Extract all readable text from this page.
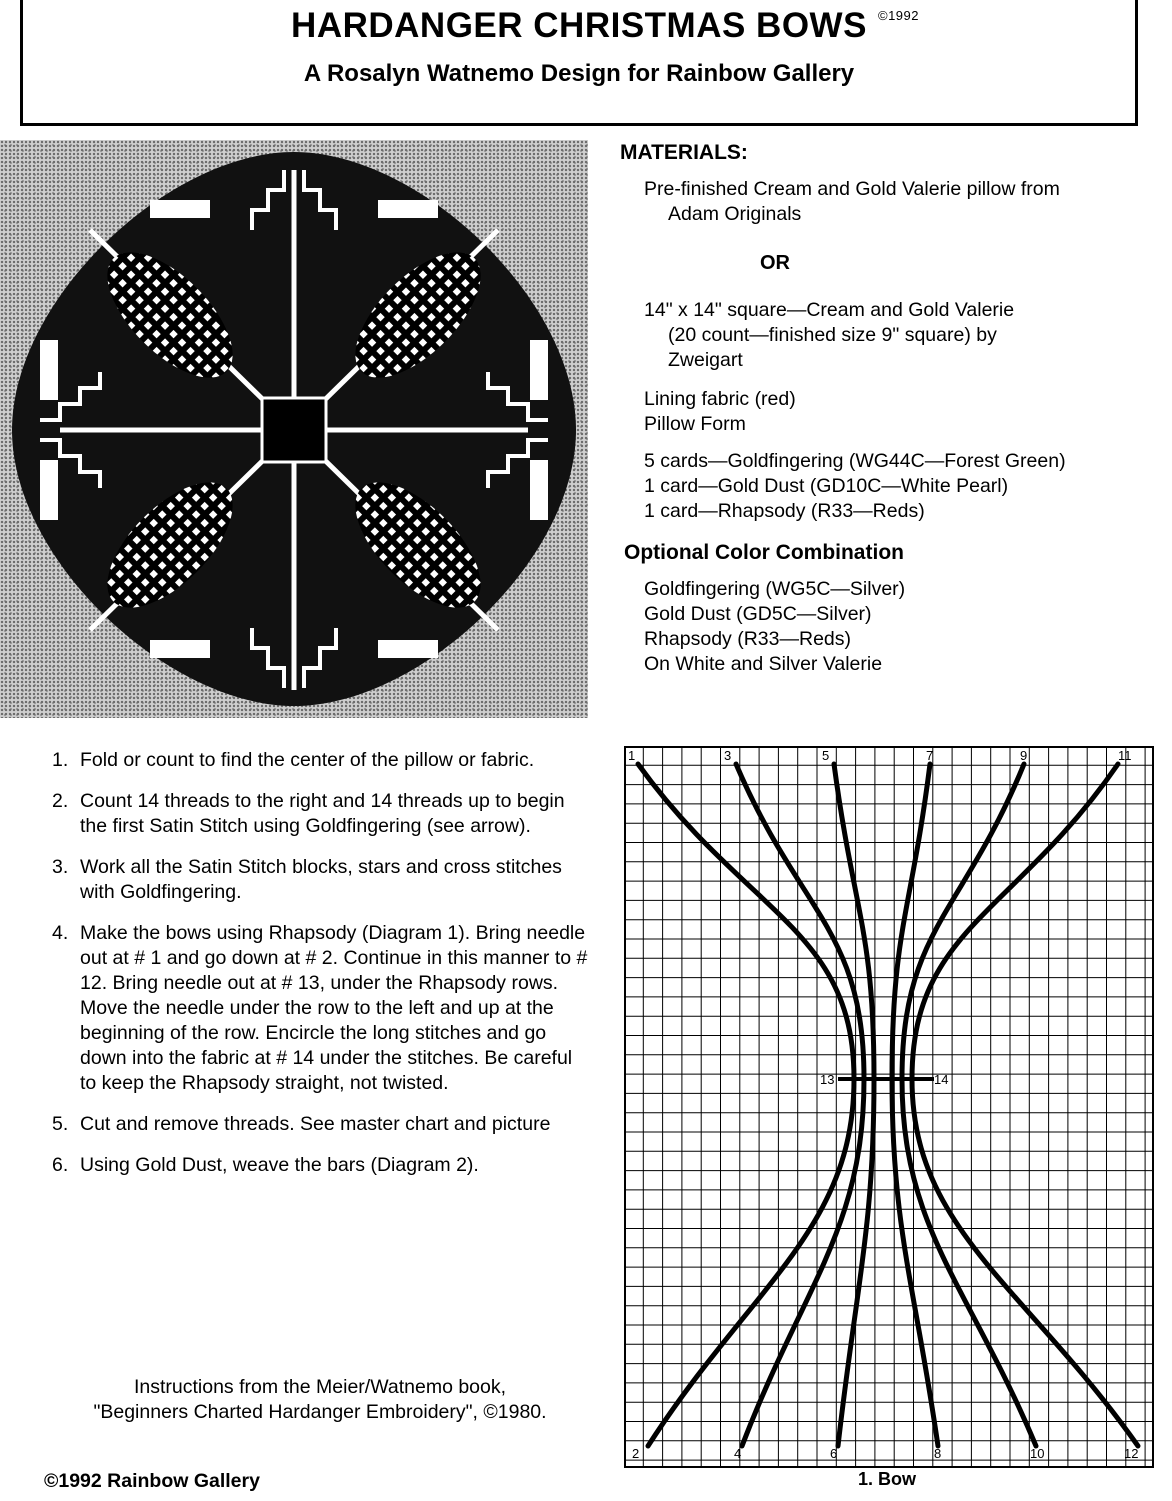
HARDANGER CHRISTMAS BOWS ©1992
A Rosalyn Watnemo Design for Rainbow Gallery
MATERIALS:
Pre-finished Cream and Gold Valerie pillow from
Adam Originals
OR
14" x 14" square—Cream and Gold Valerie
(20 count—finished size 9" square) by
Zweigart
Lining fabric (red)
Pillow Form
5 cards—Goldfingering (WG44C—Forest Green)
1 card—Gold Dust (GD10C—White Pearl)
1 card—Rhapsody (R33—Reds)
Optional Color Combination
Goldfingering (WG5C—Silver)
Gold Dust (GD5C—Silver)
Rhapsody (R33—Reds)
On White and Silver Valerie
1. Fold or count to find the center of the pillow or fabric.
2. Count 14 threads to the right and 14 threads up to begin the first Satin Stitch using Goldfingering (see arrow).
3. Work all the Satin Stitch blocks, stars and cross stitches with Goldfingering.
4. Make the bows using Rhapsody (Diagram 1). Bring needle out at # 1 and go down at # 2. Continue in this manner to # 12. Bring needle out at # 13, under the Rhapsody rows. Move the needle under the row to the left and up at the beginning of the row. Encircle the long stitches and go down into the fabric at # 14 under the stitches. Be careful to keep the Rhapsody straight, not twisted.
5. Cut and remove threads. See master chart and picture
6. Using Gold Dust, weave the bars (Diagram 2).
Instructions from the Meier/Watnemo book,
"Beginners Charted Hardanger Embroidery", ©1980.
©1992 Rainbow Gallery
1
2
3
4
5
6
7
8
9
10
11
12
13	14
1. Bow
